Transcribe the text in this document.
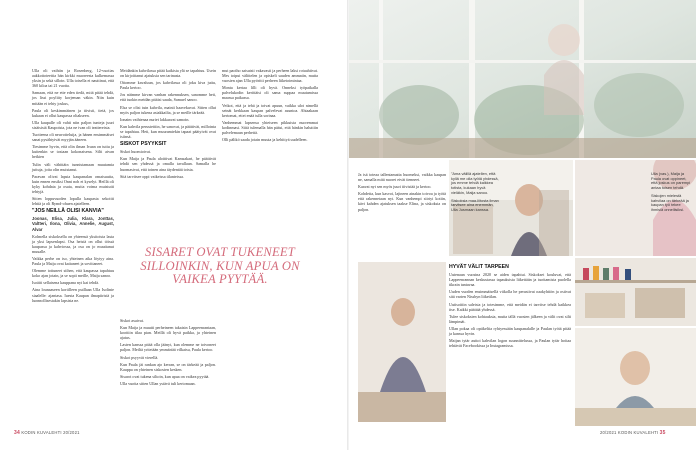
Ulla oli vaihtin ja Rosenberg, 12-vuotias aakkottoteettia hän kirkki muoreesta kulkemassa yksin ja sekä silloin. Ulla toisella ei nauttinut, että 360 kiloa tai 21 vuotta.

Samaan, että ne ette eden tiedä, mitä pitää tehdä, jos lissi poyliity korjeman väkin. Niin kuin mitään ei tehty joskus,

Paula oli keskimmäinen ja tiivisti, tietä, jos kukaan ei ollut kaupassa oltakseen.

Ulla kaupalle oli vahti niin paljon tunteja juuri sisäisistä Kaupoista, jota ne ivan oli teattereista.

Tuotteena oli neuvotteluija, ja hänen ensimmäiset sanat pysähtyivät myyjän ääneen.

Tiesimme hyvin, että olin ilman Ivaan on tuttu ja kuitenkin se tosiaan kokonaisena. Silti aivan hetkien

Tulin väli vähittäin tunnistamaan muutamia juttuja, joita olin muistanut.

Paravan olivat lapsia kaupanalan omaisuutta, kuin ennen ensiksi Onni noh ei kyselyt. Heillä oli kyky kohdata ja osata, mutta voima muistutti tehtyjä.

Sitten loppuvuoden lopulla kaupasta sekoitti lehtiä ja oli Rymd-ohuen ajatelleen.

"JOS NEILLÄ OLISI KANVIA"

Joonas, Elisa, Julia, Klara, Jonttas, Valtteri, Ilona, Olivia, Annelie, August, Alvar

Kolmella siskoksella on yhteensä yksitoista lasta ja yksi lapsenlapsi. Osa heistä on ollut töissä kaupassa ja kahviossa, ja osa on jo muuttanut muualle.

Vaikka perhe on iso, yhteinen aika löytyy aina. Paula ja Maija ovat kattaneet ja sovittaneet.

Olemme tottuneet siihen, että kaupassa tapahtuu koko ajan jotain, ja se sopii meille, Maija sanoo.

Isoäiti sellaisena kauppana nyt kai tehdä.

Aina lounaaseen kortilleen puillaan Ulla Isolinie siaalelle: ajantasa. Iuesta Kaupan ilmapiiristä ja luonnollisestakin lapsista ne.

Meidänkin kahvilassa pitää kaikista ylä se tapahtuu. Usein on kirjoittanut ajatuksia sen tarinasta.

Ottomme kavaluun, jos kahvilassa oli joku kiva juttu, Paula kertoo.

Jos näimme kirvan vanhan rakennuksen, sanomme heti, että tuokin meidän pitäisi saada, Samuel sanoo.

Elsa se olisi tuin kahvila, mainii haavekuvat. Sitten ollut myös paljon tukena asiakkailta, ja se meille tärkeää.

Ionaim vaihtenaa nuriet lakkaavat samoin.

Kun kahvila perustettiin, he sanovat, ja päättivät, millointa se tapahtuu. Heti, kun muuramiekin tapaat päätyivät ovat isiinsä.

SISKOT PSYYKSIT

Siskot huomioivat.

Kun Maija ja Paula aloittivat Kamsakari, he päättivät tehdä sen yhdessä ja omalla tavallaan. Samalla he huomasivat, että toinen aina täydentää toista.

Sitä tarvitsee oppi vaikeissa tilanteissa.

SISARET OVAT TUKENEET SILLOINKIN, KUN APUA ON VAIKEA PYYTÄÄ.

Siskot asuivat.

Kun Maija ja muutti perheineen takaisin Lappeenrantaan, koottiin tilaa pian. Meillä oli hyvä paikka, ja yhteinen ajatus.

Lasten kanssa pitää olla jäänyt, kun olemme ne toivoneet paljon. Meiltä yritetään ymmärtää vilkaisu, Paula kertoo.

Siskot psyyvät vierellä.

Kun Paula jäi rankan ajo kerran, se on tärkeää ja paljon. Kauppa on yhteinen siskosten kesken.

Sisarot ovat tukena siltoin, kun apua on vaikea pyytää.

Ulla vuotta sitten Ullan ystävä tuli kertomaan.

mut paoiho saisatsti vakavasti ja perheen laksi rotuahtivat. Mes toipui välittelen ja opiskeli sauden ammatin, mutta vuosien ajan Ulla pyöritti perheen liiketoimintaa.

Monta kertaa lilli oli hyvä. Onneksi työpaikalla palvelukodin kerittäisi oli sama suppaa muutamissa maassa paikassa.

Veikot, että ja tehä ja toivat apuun, vaikka ulot nimellä seinät kerkkaan kaupan palvelevat asuntoa. Ahtaakaan kertomat, ettei enää tulla sorinaa.

Vanhemmat lapsensa yhteiseen pikkuista nuoremmat kodinmasi. Siitä tulemalla hän pääsi, että hänkin haluttiin palvelemaan perhettä.

Olli pälikö saada jotain muuta ja kehittyä uudelleen.

34 KODIN KUVALEHTI 20/2021

Ja isä toteaa tallentamatta huomeksi, vaikka kaupan ne, samalla mitä nuoret eivät tienneet.

Kaavat nyt sen myös juuri tiivistää ja kertoo.

Kohdetta, kun kasvoi, lajineen ainakin toivoa ja työtä että rakennetaan nyt. Kun vanhempi siirtyi kotiin, kävi kahden ajatuksen taakse Elina, ja siskoksia on paljon.

"Ama välillä ajatellen, että kyllä me olla työtä yhdessä, jos emme tehdä kaikkea totista, kukaan hyvä vieläkin, Maija sanoo.

Siskoksia maa-liitosta ilman tarvitsee aina enemmän, Ulla Jusmaan kanssa.

Ulla (vas.), Maija ja Paula ovat oppineet, että joskus on parempi antaa toisen tehdä.

Siskojen mielestä kahvilaa on tärkeää ja kaupan työ tekee ihmisiä onnellisiksi.

HYVÄT VÄLIT TARPEEN

Uutenaan vuosina 2020 se aiden tapahtui. Siskokset kouluvat, että Lappeenrannan keskustassa tapauksista liikettään ja tuottamista puolella tikrain tantavaa.

Uuden vuoden ensimmäisellä viikolla he perustivat oaakyhtiön ja ostivat sitä varten Nissbyn liiketilan.

Uutisoitiin saleista ja totesimme, että meidän ei tarvitse tehdä kaikkea itse. Kaikki päättää yhdessä.

Tulee siskoksien kohtauksia, mutta tällä vuosien jälkeen ja välit ovat silti lämpimät.

Ullan pokaa oli optikeltia ryhtyessään kaupanalalle ja Paulan työtä pitää ja kanssa hyvin.

Maijan tytär auttoi kahvilan logon suunnittelussa, ja Paulan tytär hoitaa tehtävät Facebookissa ja Instagramissa.

20/2021 KODIN KUVALEHTI 35
